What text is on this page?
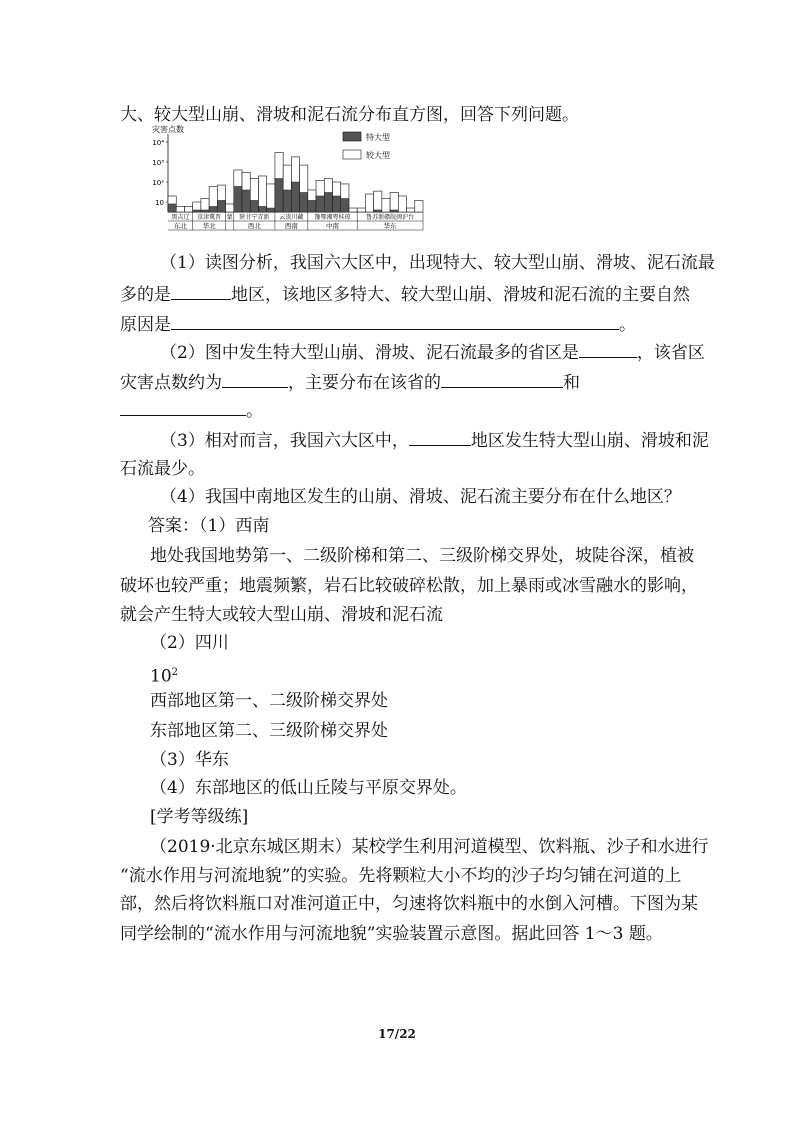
大、较大型山崩、滑坡和泥石流分布直方图，回答下列问题。
灾害点数
10
10²
10³
10⁴
特大型
较大型
黑吉辽
东北
京津冀晋
华北
蒙 陕甘宁青新
西北
云贵川藏
西南
豫鄂湘粤桂琼
中南
鲁苏浙赣皖闽沪台
华东
（1）读图分析，我国六大区中，出现特大、较大型山崩、滑坡、泥石流最
多的是	地区，该地区多特大、较大型山崩、滑坡和泥石流的主要自然
原因是	。
（2）图中发生特大型山崩、滑坡、泥石流最多的省区是	，该省区
灾害点数约为	，主要分布在该省的	和
。
（3）相对而言，我国六大区中，	地区发生特大型山崩、滑坡和泥
石流最少。
（4）我国中南地区发生的山崩、滑坡、泥石流主要分布在什么地区？
答案：（1）西南
地处我国地势第一、二级阶梯和第二、三级阶梯交界处，坡陡谷深，植被
破坏也较严重；地震频繁，岩石比较破碎松散，加上暴雨或冰雪融水的影响，
就会产生特大或较大型山崩、滑坡和泥石流
（2）四川
$10^2$
西部地区第一、二级阶梯交界处
东部地区第二、三级阶梯交界处
（3）华东
（4）东部地区的低山丘陵与平原交界处。
[学考等级练]
（2019·北京东城区期末）某校学生利用河道模型、饮料瓶、沙子和水进行
“流水作用与河流地貌”的实验。先将颗粒大小不均的沙子均匀铺在河道的上
部，然后将饮料瓶口对准河道正中，匀速将饮料瓶中的水倒入河槽。下图为某
同学绘制的“流水作用与河流地貌”实验装置示意图。据此回答 1～3 题。
17/22
